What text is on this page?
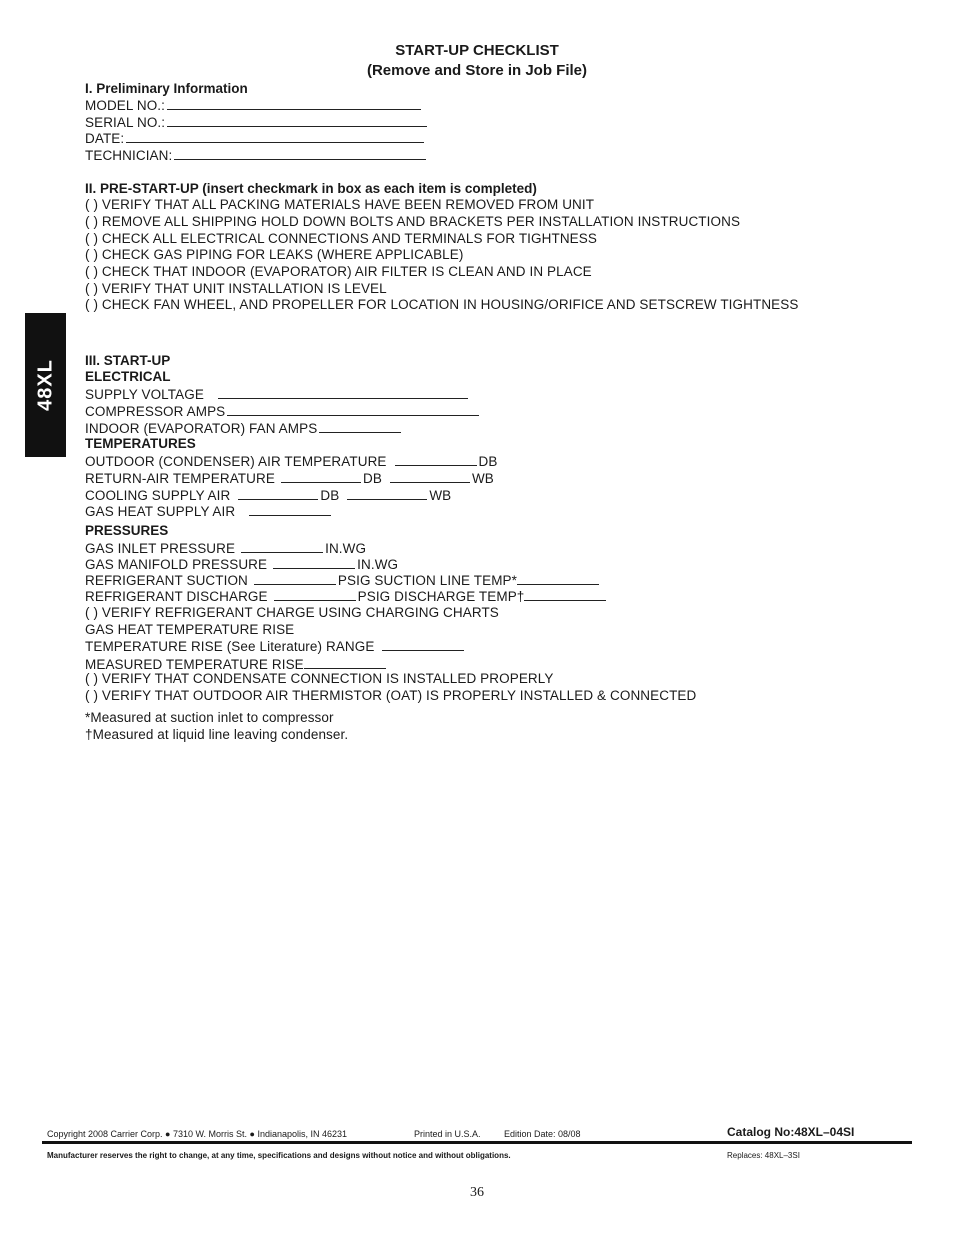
START-UP CHECKLIST
(Remove and Store in Job File)
48XL
I. Preliminary Information
MODEL NO.:
SERIAL NO.:
DATE:
TECHNICIAN:
II. PRE-START-UP (insert checkmark in box as each item is completed)
( ) VERIFY THAT ALL PACKING MATERIALS HAVE BEEN REMOVED FROM UNIT
( ) REMOVE ALL SHIPPING HOLD DOWN BOLTS AND BRACKETS PER INSTALLATION INSTRUCTIONS
( ) CHECK ALL ELECTRICAL CONNECTIONS AND TERMINALS FOR TIGHTNESS
( ) CHECK GAS PIPING FOR LEAKS (WHERE APPLICABLE)
( ) CHECK THAT INDOOR (EVAPORATOR) AIR FILTER IS CLEAN AND IN PLACE
( ) VERIFY THAT UNIT INSTALLATION IS LEVEL
( ) CHECK FAN WHEEL, AND PROPELLER FOR LOCATION IN HOUSING/ORIFICE AND SETSCREW TIGHTNESS
III. START-UP
ELECTRICAL
SUPPLY VOLTAGE
COMPRESSOR AMPS
INDOOR (EVAPORATOR) FAN AMPS
TEMPERATURES
OUTDOOR (CONDENSER) AIR TEMPERATURE	DB
RETURN-AIR TEMPERATURE	DB	WB
COOLING SUPPLY AIR	DB	WB
GAS HEAT SUPPLY AIR
PRESSURES
GAS INLET PRESSURE	IN.WG
GAS MANIFOLD PRESSURE	IN.WG
REFRIGERANT SUCTION	PSIG SUCTION LINE TEMP*
REFRIGERANT DISCHARGE	PSIG DISCHARGE TEMP†
( ) VERIFY REFRIGERANT CHARGE USING CHARGING CHARTS
GAS HEAT TEMPERATURE RISE
TEMPERATURE RISE (See Literature) RANGE
MEASURED TEMPERATURE RISE
( ) VERIFY THAT CONDENSATE CONNECTION IS INSTALLED PROPERLY
( ) VERIFY THAT OUTDOOR AIR THERMISTOR (OAT) IS PROPERLY INSTALLED & CONNECTED
*Measured at suction inlet to compressor
†Measured at liquid line leaving condenser.
Copyright 2008 Carrier Corp. ● 7310 W. Morris St. ● Indianapolis, IN 46231	Printed in U.S.A.	Edition Date: 08/08	Catalog No:48XL–04SI
Manufacturer reserves the right to change, at any time, specifications and designs without notice and without obligations.	Replaces: 48XL–3SI
36
